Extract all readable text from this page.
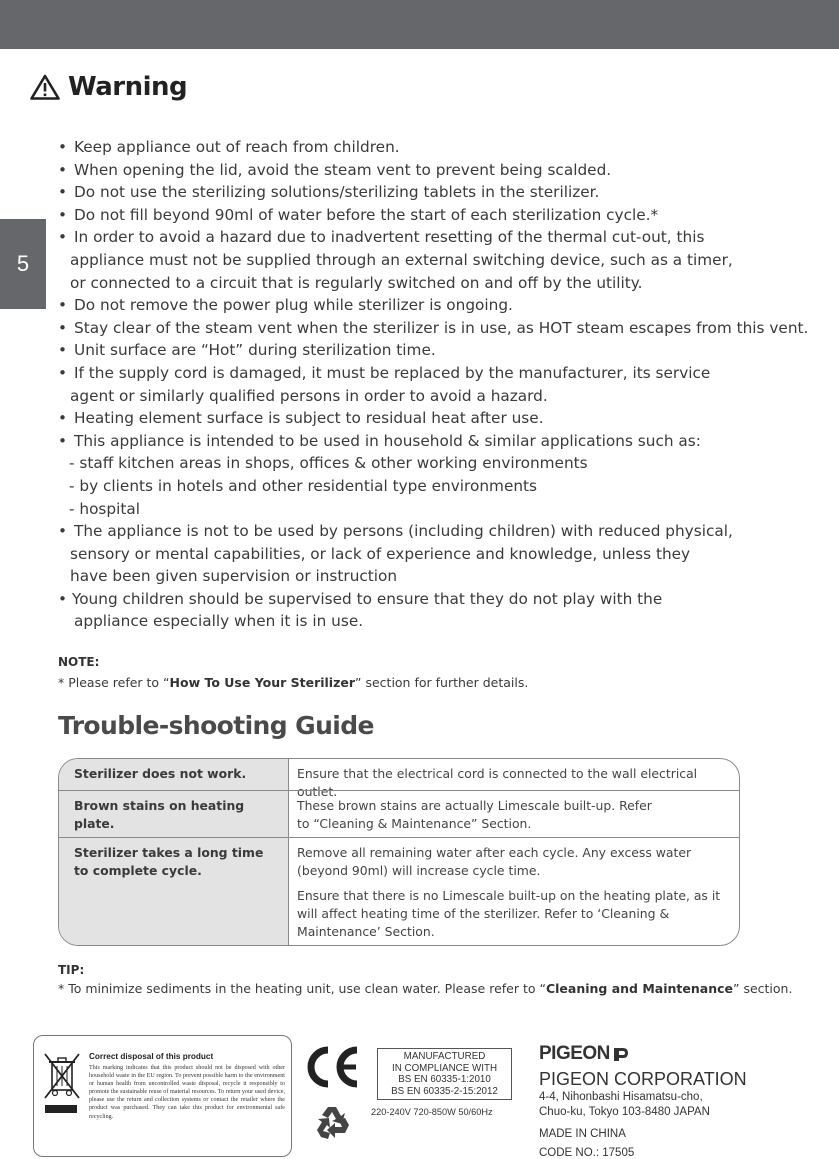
5
Warning
• Keep appliance out of reach from children.
• When opening the lid, avoid the steam vent to prevent being scalded.
• Do not use the sterilizing solutions/sterilizing tablets in the sterilizer.
• Do not fill beyond 90ml of water before the start of each sterilization cycle.*
• In order to avoid a hazard due to inadvertent resetting of the thermal cut-out, this
appliance must not be supplied through an external switching device, such as a timer,
or connected to a circuit that is regularly switched on and off by the utility.
• Do not remove the power plug while sterilizer is ongoing.
• Stay clear of the steam vent when the sterilizer is in use, as HOT steam escapes from this vent.
• Unit surface are “Hot” during sterilization time.
• If the supply cord is damaged, it must be replaced by the manufacturer, its service
agent or similarly qualified persons in order to avoid a hazard.
• Heating element surface is subject to residual heat after use.
• This appliance is intended to be used in household & similar applications such as:
- staff kitchen areas in shops, offices & other working environments
- by clients in hotels and other residential type environments
- hospital
• The appliance is not to be used by persons (including children) with reduced physical,
sensory or mental capabilities, or lack of experience and knowledge, unless they
have been given supervision or instruction
• Young children should be supervised to ensure that they do not play with the
appliance especially when it is in use.
NOTE:
* Please refer to “How To Use Your Sterilizer” section for further details.
Trouble-shooting Guide
Sterilizer does not work.	Ensure that the electrical cord is connected to the wall electrical outlet.

Brown stains on heating plate.

These brown stains are actually Limescale built-up. Refer to “Cleaning & Maintenance” Section.

Sterilizer takes a long time to complete cycle.

Remove all remaining water after each cycle. Any excess water (beyond 90ml) will increase cycle time.

Ensure that there is no Limescale built-up on the heating plate, as it will affect heating time of the sterilizer. Refer to ‘Cleaning & Maintenance’ Section.

TIP:
* To minimize sediments in the heating unit, use clean water. Please refer to “Cleaning and Maintenance” section.
Correct disposal of this product
This marking indicates that this product should not be disposed with other household waste in the EU region. To prevent possible harm to the environment or human health from uncontrolled waste disposal, recycle it responsibly to promote the sustainable reuse of material resources. To return your used device, please use the return and collection systems or contact the retailer where the product was purchased. They can take this product for environmental safe recycling.
MANUFACTURED
IN COMPLIANCE WITH
BS EN 60335-1:2010
BS EN 60335-2-15:2012
220-240V 720-850W 50/60Hz
PIGEON
PIGEON CORPORATION
4-4, Nihonbashi Hisamatsu-cho,
Chuo-ku, Tokyo 103-8480 JAPAN
MADE IN CHINA
CODE NO.: 17505
